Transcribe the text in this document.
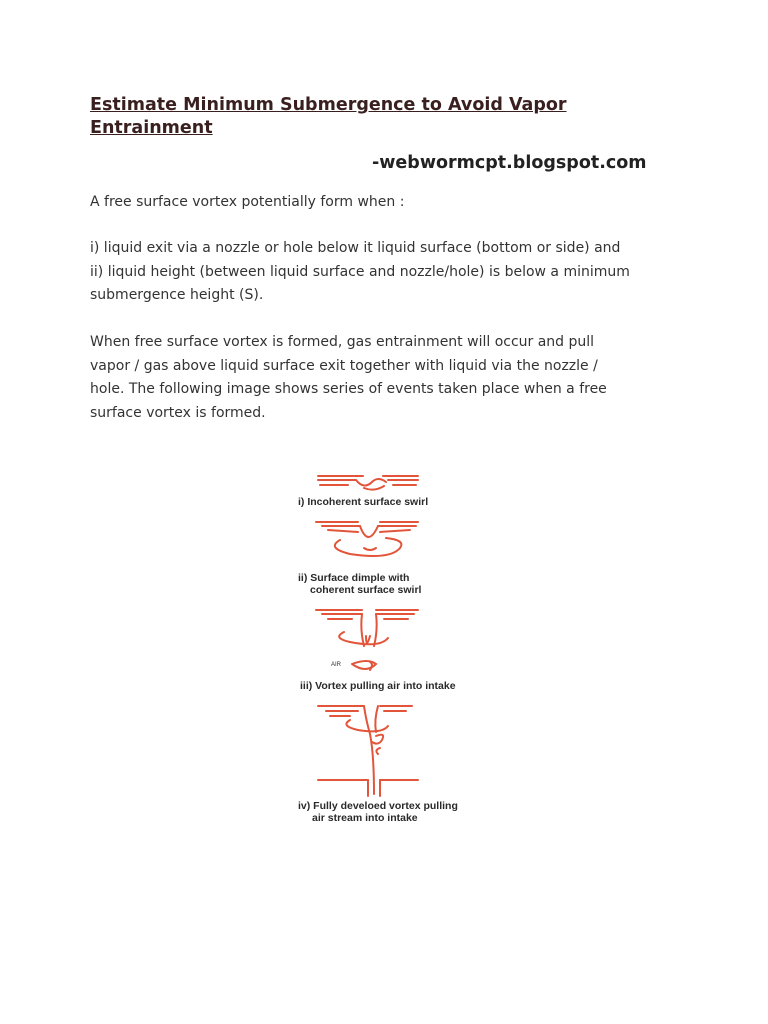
Estimate Minimum Submergence to Avoid Vapor
Entrainment

-webwormcpt.blogspot.com

A free surface vortex potentially form when :

i) liquid exit via a nozzle or hole below it liquid surface (bottom or side) and
ii) liquid height (between liquid surface and nozzle/hole) is below a minimum
submergence height (S).

When free surface vortex is formed, gas entrainment will occur and pull
vapor / gas above liquid surface exit together with liquid via the nozzle /
hole. The following image shows series of events taken place when a free
surface vortex is formed.

i) Incoherent surface swirl
ii) Surface dimple with
coherent surface swirl
AIR
iii) Vortex pulling air into intake
iv) Fully develoed vortex pulling
air stream into intake
